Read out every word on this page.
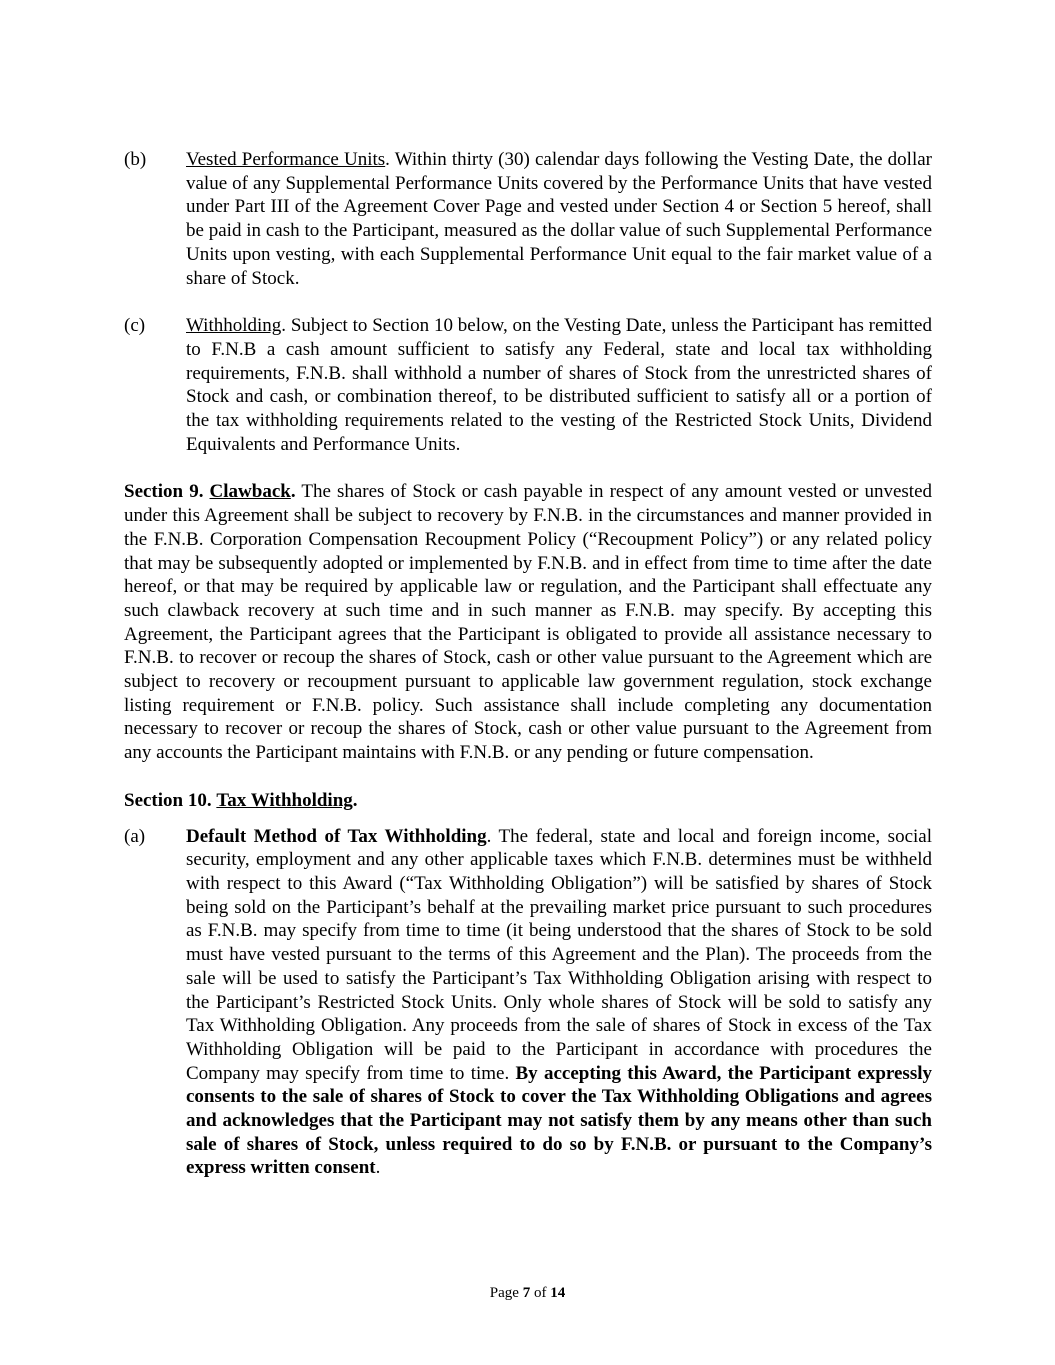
(b) Vested Performance Units. Within thirty (30) calendar days following the Vesting Date, the dollar value of any Supplemental Performance Units covered by the Performance Units that have vested under Part III of the Agreement Cover Page and vested under Section 4 or Section 5 hereof, shall be paid in cash to the Participant, measured as the dollar value of such Supplemental Performance Units upon vesting, with each Supplemental Performance Unit equal to the fair market value of a share of Stock.
(c) Withholding. Subject to Section 10 below, on the Vesting Date, unless the Participant has remitted to F.N.B a cash amount sufficient to satisfy any Federal, state and local tax withholding requirements, F.N.B. shall withhold a number of shares of Stock from the unrestricted shares of Stock and cash, or combination thereof, to be distributed sufficient to satisfy all or a portion of the tax withholding requirements related to the vesting of the Restricted Stock Units, Dividend Equivalents and Performance Units.
Section 9. Clawback. The shares of Stock or cash payable in respect of any amount vested or unvested under this Agreement shall be subject to recovery by F.N.B. in the circumstances and manner provided in the F.N.B. Corporation Compensation Recoupment Policy (“Recoupment Policy”) or any related policy that may be subsequently adopted or implemented by F.N.B. and in effect from time to time after the date hereof, or that may be required by applicable law or regulation, and the Participant shall effectuate any such clawback recovery at such time and in such manner as F.N.B. may specify. By accepting this Agreement, the Participant agrees that the Participant is obligated to provide all assistance necessary to F.N.B. to recover or recoup the shares of Stock, cash or other value pursuant to the Agreement which are subject to recovery or recoupment pursuant to applicable law government regulation, stock exchange listing requirement or F.N.B. policy. Such assistance shall include completing any documentation necessary to recover or recoup the shares of Stock, cash or other value pursuant to the Agreement from any accounts the Participant maintains with F.N.B. or any pending or future compensation.
Section 10. Tax Withholding.
(a) Default Method of Tax Withholding. The federal, state and local and foreign income, social security, employment and any other applicable taxes which F.N.B. determines must be withheld with respect to this Award (“Tax Withholding Obligation”) will be satisfied by shares of Stock being sold on the Participant’s behalf at the prevailing market price pursuant to such procedures as F.N.B. may specify from time to time (it being understood that the shares of Stock to be sold must have vested pursuant to the terms of this Agreement and the Plan). The proceeds from the sale will be used to satisfy the Participant’s Tax Withholding Obligation arising with respect to the Participant’s Restricted Stock Units. Only whole shares of Stock will be sold to satisfy any Tax Withholding Obligation. Any proceeds from the sale of shares of Stock in excess of the Tax Withholding Obligation will be paid to the Participant in accordance with procedures the Company may specify from time to time. By accepting this Award, the Participant expressly consents to the sale of shares of Stock to cover the Tax Withholding Obligations and agrees and acknowledges that the Participant may not satisfy them by any means other than such sale of shares of Stock, unless required to do so by F.N.B. or pursuant to the Company’s express written consent.
Page 7 of 14
